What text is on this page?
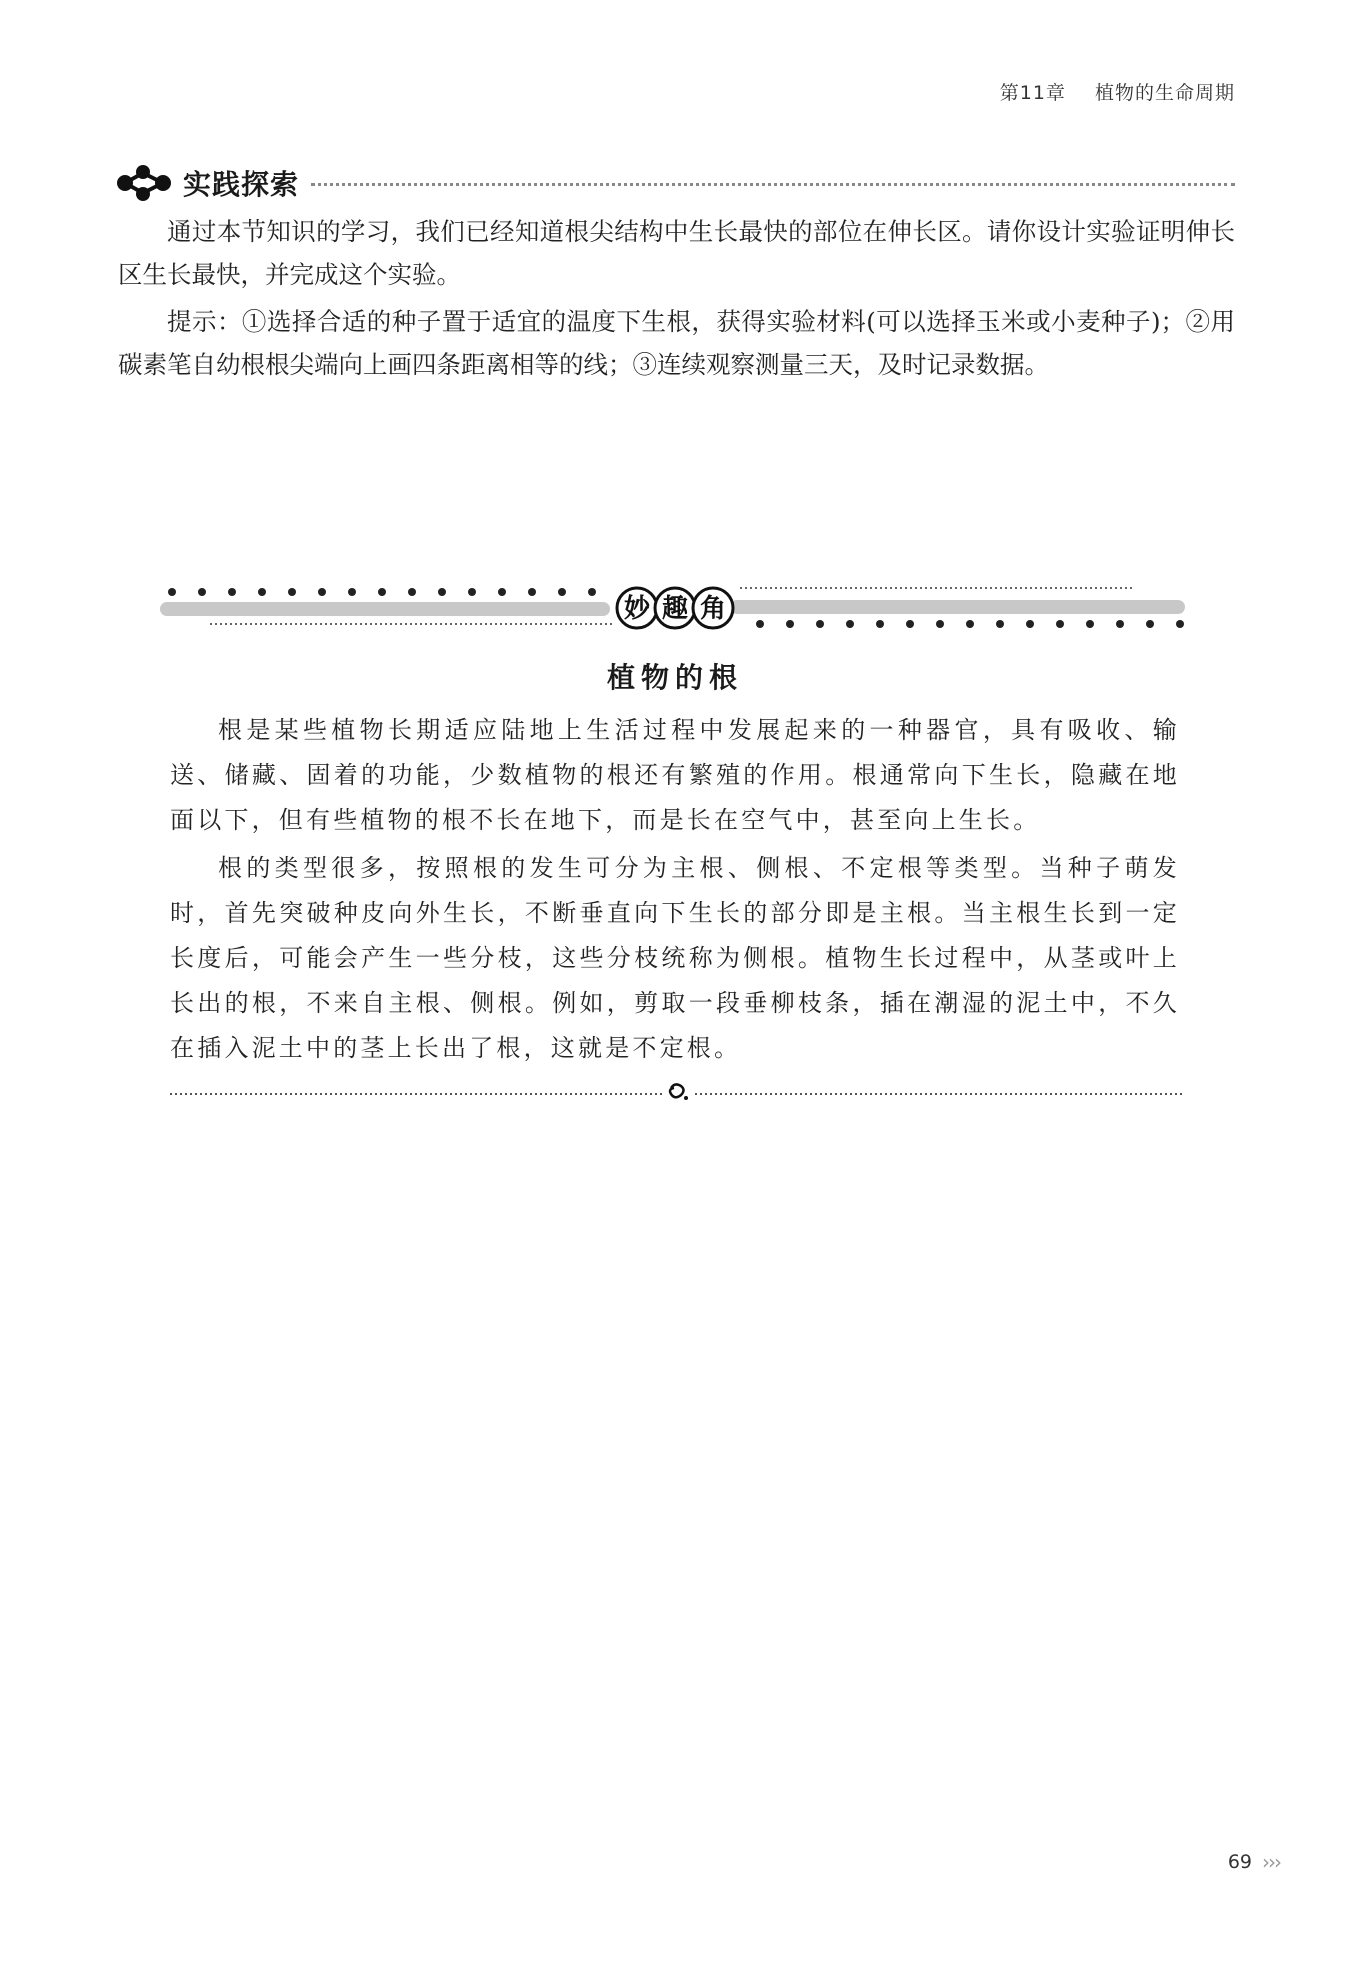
第11章 植物的生命周期
实践探索

通过本节知识的学习，我们已经知道根尖结构中生长最快的部位在伸长区。请你设计实验证明伸长区生长最快，并完成这个实验。

提示：①选择合适的种子置于适宜的温度下生根，获得实验材料(可以选择玉米或小麦种子)；②用碳素笔自幼根根尖端向上画四条距离相等的线；③连续观察测量三天，及时记录数据。

妙 趣 角
植物的根

根是某些植物长期适应陆地上生活过程中发展起来的一种器官，具有吸收、输送、储藏、固着的功能，少数植物的根还有繁殖的作用。根通常向下生长，隐藏在地面以下，但有些植物的根不长在地下，而是长在空气中，甚至向上生长。

根的类型很多，按照根的发生可分为主根、侧根、不定根等类型。当种子萌发时，首先突破种皮向外生长，不断垂直向下生长的部分即是主根。当主根生长到一定长度后，可能会产生一些分枝，这些分枝统称为侧根。植物生长过程中，从茎或叶上长出的根，不来自主根、侧根。例如，剪取一段垂柳枝条，插在潮湿的泥土中，不久在插入泥土中的茎上长出了根，这就是不定根。

69 ›››
